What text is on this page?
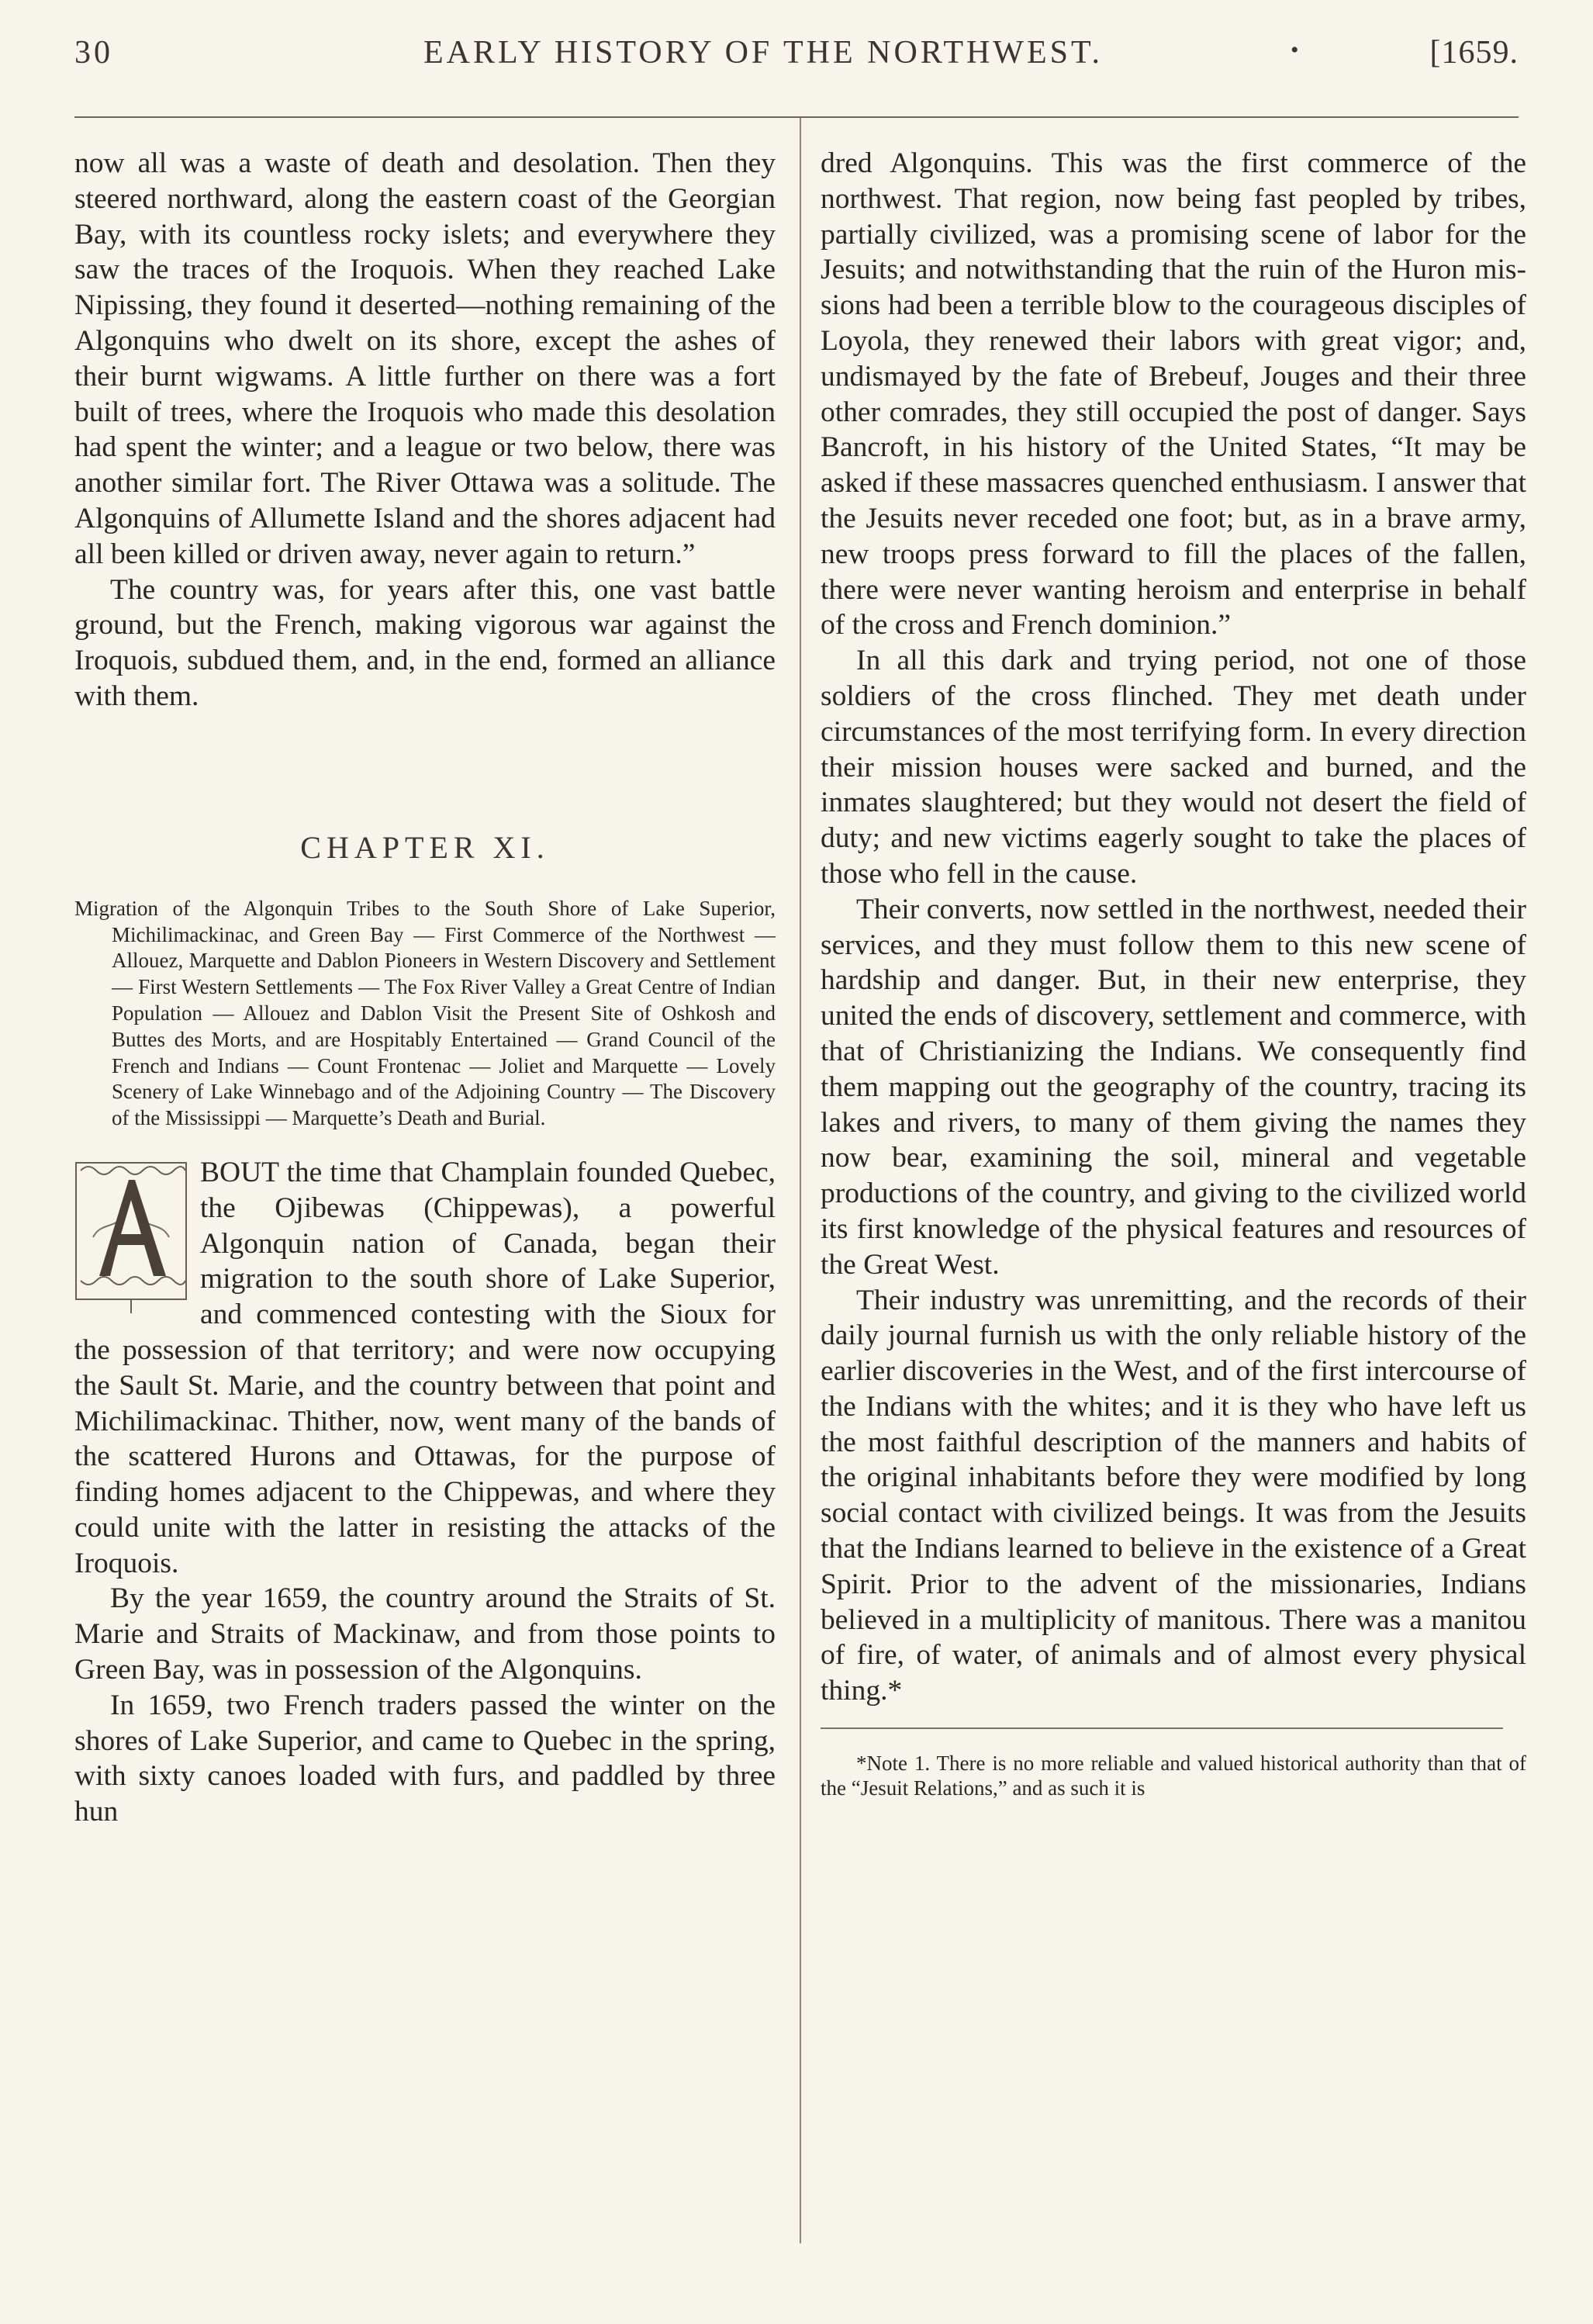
30	EARLY HISTORY OF THE NORTHWEST.	•	[1659.

now all was a waste of death and desolation. Then they steered northward, along the eastern coast of the Georgian Bay, with its countless rocky islets; and everywhere they saw the traces of the Iroquois. When they reached Lake Nipissing, they found it deserted—nothing remaining of the Algonquins who dwelt on its shore, except the ashes of their burnt wigwams. A little further on there was a fort built of trees, where the Iroquois who made this desolation had spent the winter; and a league or two below, there was another similar fort. The River Ottawa was a solitude. The Algonquins of Allumette Island and the shores adjacent had all been killed or driven away, never again to return.”

The country was, for years after this, one vast battle ground, but the French, making vigorous war against the Iroquois, subdued them, and, in the end, formed an alliance with them.

CHAPTER XI.

Migration of the Algonquin Tribes to the South Shore of Lake Superior, Michilimackinac, and Green Bay — First Commerce of the Northwest — Allouez, Marquette and Dablon Pioneers in Western Discovery and Settlement — First Western Settlements — The Fox River Valley a Great Centre of Indian Population — Allouez and Dablon Visit the Present Site of Oshkosh and Buttes des Morts, and are Hospitably Entertained — Grand Council of the French and Indians — Count Frontenac — Joliet and Marquette — Lovely Scenery of Lake Winnebago and of the Adjoining Country — The Discovery of the Mississippi — Marquette’s Death and Burial.

A

BOUT the time that Champlain founded Quebec, the Ojibewas (Chippewas), a powerful Algonquin nation of Canada, began their migration to the south shore of Lake Superior, and commenced contesting with the Sioux for the possession of that territory; and were now occupying the Sault St. Marie, and the country between that point and Michilimackinac. Thither, now, went many of the bands of the scattered Hurons and Ottawas, for the purpose of finding homes adjacent to the Chippewas, and where they could unite with the latter in resisting the attacks of the Iroquois.

By the year 1659, the country around the Straits of St. Marie and Straits of Mackinaw, and from those points to Green Bay, was in possession of the Algonquins.

In 1659, two French traders passed the winter on the shores of Lake Superior, and came to Quebec in the spring, with sixty canoes loaded with furs, and paddled by three hun

dred Algonquins. This was the first commerce of the northwest. That region, now being fast peopled by tribes, partially civilized, was a promising scene of labor for the Jesuits; and notwithstanding that the ruin of the Huron missions had been a terrible blow to the courageous disciples of Loyola, they renewed their labors with great vigor; and, undismayed by the fate of Brebeuf, Jouges and their three other comrades, they still occupied the post of danger. Says Bancroft, in his history of the United States, “It may be asked if these massacres quenched enthusiasm. I answer that the Jesuits never receded one foot; but, as in a brave army, new troops press forward to fill the places of the fallen, there were never wanting heroism and enterprise in behalf of the cross and French dominion.”

In all this dark and trying period, not one of those soldiers of the cross flinched. They met death under circumstances of the most terrifying form. In every direction their mission houses were sacked and burned, and the inmates slaughtered; but they would not desert the field of duty; and new victims eagerly sought to take the places of those who fell in the cause.

Their converts, now settled in the northwest, needed their services, and they must follow them to this new scene of hardship and danger. But, in their new enterprise, they united the ends of discovery, settlement and commerce, with that of Christianizing the Indians. We consequently find them mapping out the geography of the country, tracing its lakes and rivers, to many of them giving the names they now bear, examining the soil, mineral and vegetable productions of the country, and giving to the civilized world its first knowledge of the physical features and resources of the Great West.

Their industry was unremitting, and the records of their daily journal furnish us with the only reliable history of the earlier discoveries in the West, and of the first intercourse of the Indians with the whites; and it is they who have left us the most faithful description of the manners and habits of the original inhabitants before they were modified by long social contact with civilized beings. It was from the Jesuits that the Indians learned to believe in the existence of a Great Spirit. Prior to the advent of the missionaries, Indians believed in a multiplicity of manitous. There was a manitou of fire, of water, of animals and of almost every physical thing.*

*Note 1. There is no more reliable and valued historical authority than that of the “Jesuit Relations,” and as such it is
